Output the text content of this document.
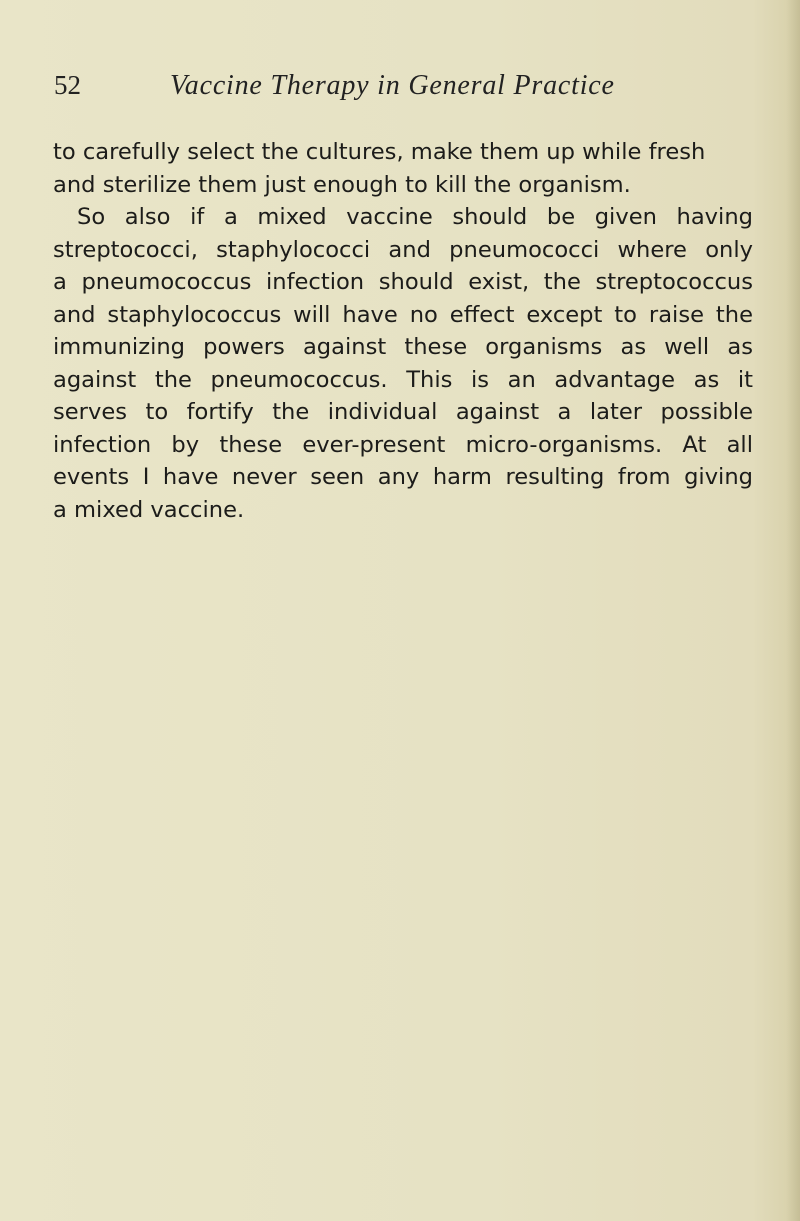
52	Vaccine Therapy in General Practice
to carefully select the cultures, make them up while fresh
and sterilize them just enough to kill the organism.
So also if a mixed vaccine should be given having
streptococci, staphylococci and pneumococci where only
a pneumococcus infection should exist, the streptococcus
and staphylococcus will have no effect except to raise the
immunizing powers against these organisms as well as
against the pneumococcus. This is an advantage as it
serves to fortify the individual against a later possible
infection by these ever-present micro-organisms. At all
events I have never seen any harm resulting from giving
a mixed vaccine.
